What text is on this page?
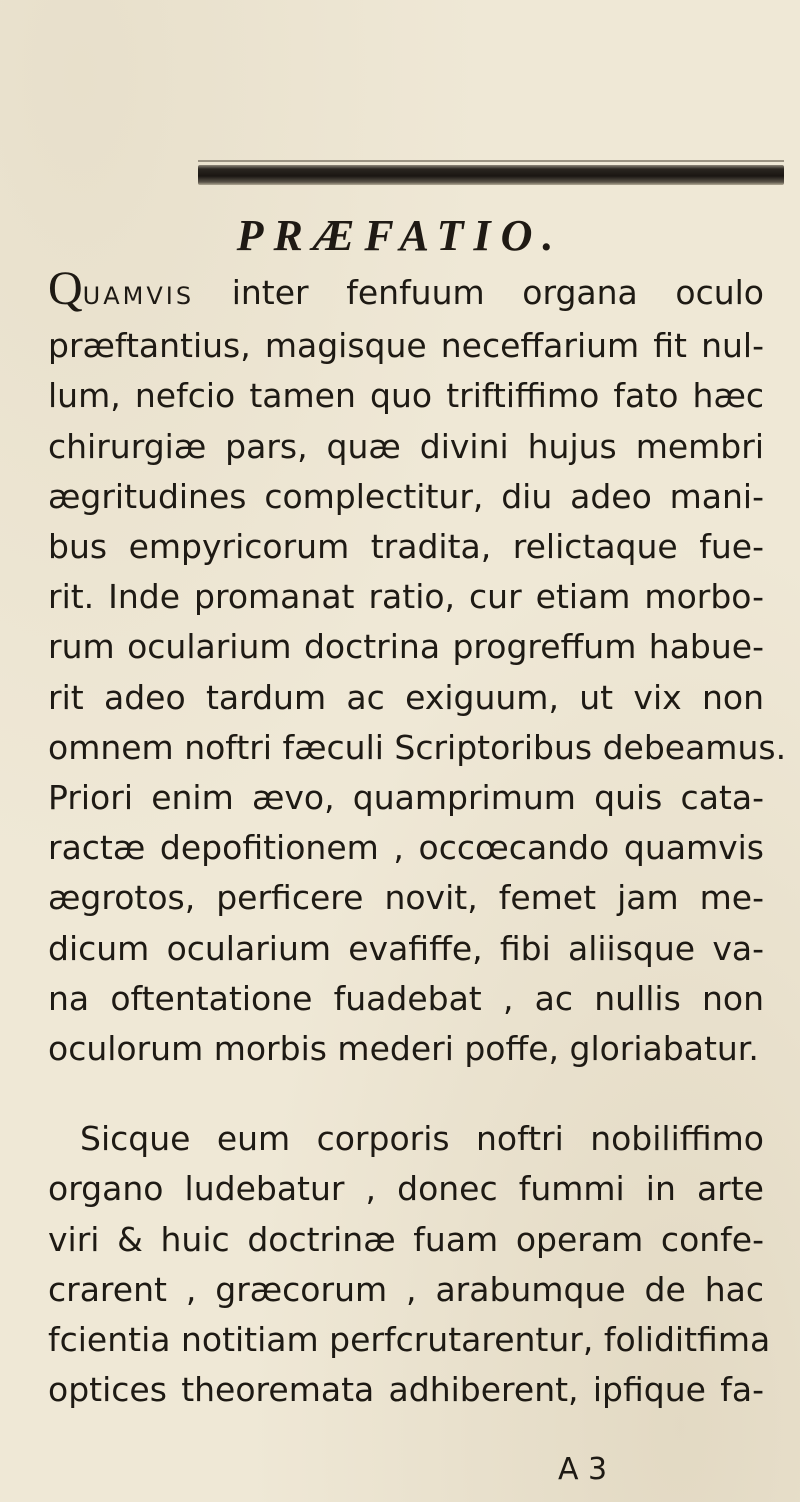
PRÆFATIO.
QUAMVIS inter fenfuum organa oculo
præftantius, magisque neceffarium fit nul-
lum, nefcio tamen quo triftiffimo fato hæc
chirurgiæ pars, quæ divini hujus membri
ægritudines complectitur, diu adeo mani-
bus empyricorum tradita, relictaque fue-
rit. Inde promanat ratio, cur etiam morbo-
rum ocularium doctrina progreffum habue-
rit adeo tardum ac exiguum, ut vix non
omnem noftri fæculi Scriptoribus debeamus.
Priori enim ævo, quamprimum quis cata-
ractæ depofitionem , occœcando quamvis
ægrotos, perficere novit, femet jam me-
dicum ocularium evafiffe, fibi aliisque va-
na oftentatione fuadebat , ac nullis non
oculorum morbis mederi poffe, gloriabatur.
Sicque eum corporis noftri nobiliffimo
organo ludebatur , donec fummi in arte
viri & huic doctrinæ fuam operam confe-
crarent , græcorum , arabumque de hac
fcientia notitiam perfcrutarentur, foliditfima
optices theoremata adhiberent, ipfique fa-
A 3
